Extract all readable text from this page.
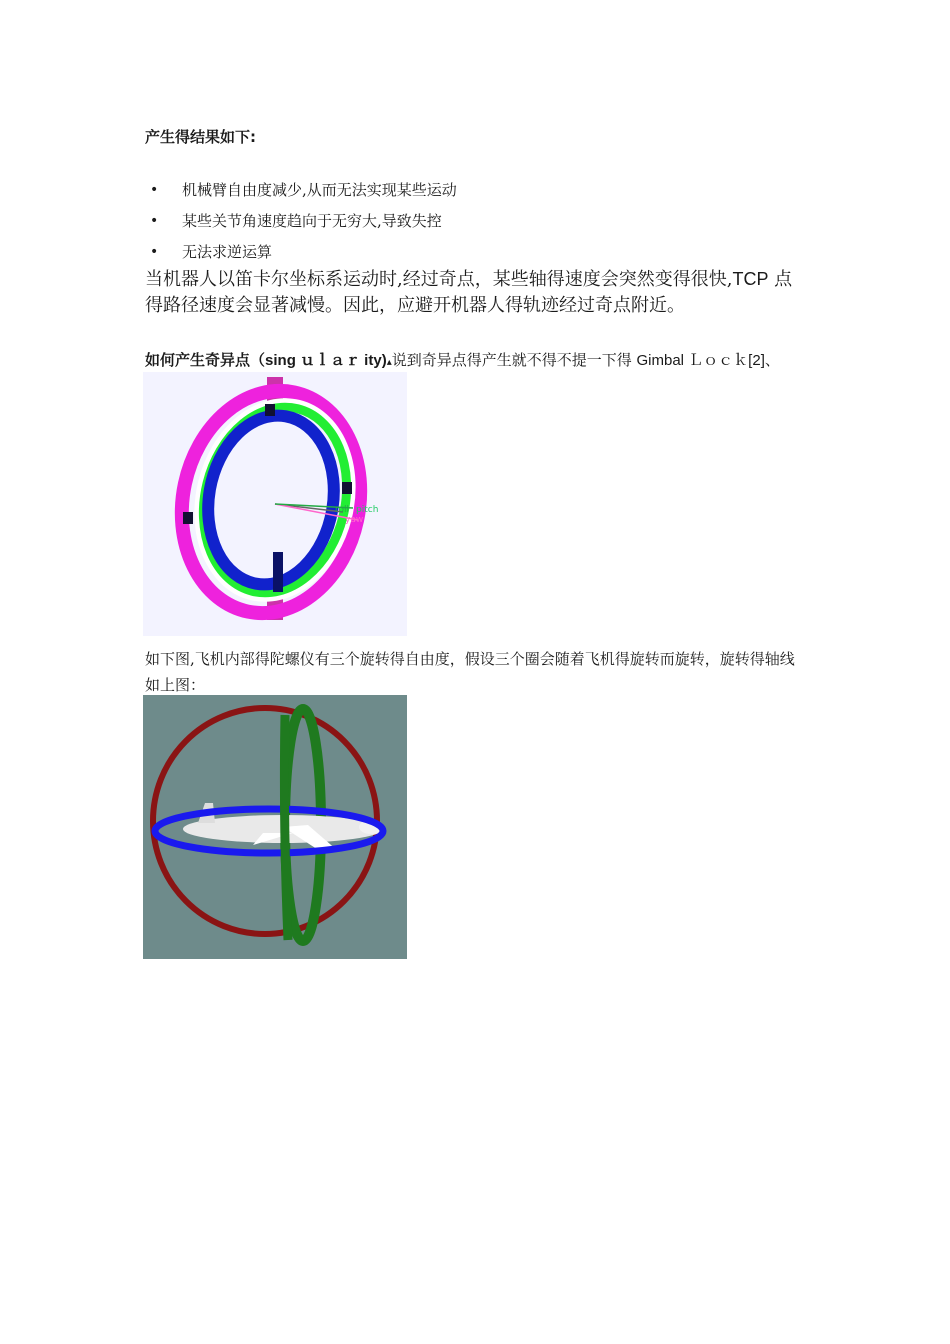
产生得结果如下:
•	机械臂自由度减少,从而无法实现某些运动
•	某些关节角速度趋向于无穷大,导致失控
•	无法求逆运算
当机器人以笛卡尔坐标系运动时,经过奇点，某些轴得速度会突然变得很快,TCP 点得路径速度会显著减慢。因此，应避开机器人得轨迹经过奇点附近。
如何产生奇异点（sing ｕｌａｒ ity)▴说到奇异点得产生就不得不提一下得 Gimbal Ｌｏｃｋ[2]、
roll pitch
yaw
如下图,飞机内部得陀螺仪有三个旋转得自由度，假设三个圈会随着飞机得旋转而旋转，旋转得轴线如上图：
